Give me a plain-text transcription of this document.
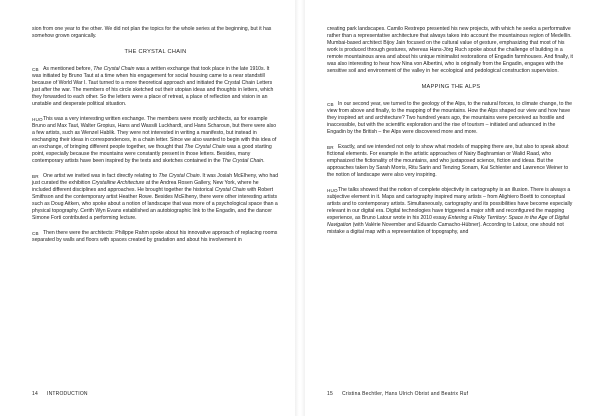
sion from one year to the other. We did not plan the topics for the whole series at the beginning, but it has somehow grown organically.

THE CRYSTAL CHAIN
CB As mentioned before, The Crystal Chain was a written exchange that took place in the late 1910s. It was initiated by Bruno Taut at a time when his engagement for social housing came to a near standstill because of World War I. Taut turned to a more theoretical approach and initiated the Crystal Chain Letters just after the war. The members of his circle sketched out their utopian ideas and thoughts in letters, which they forwarded to each other. So the letters were a place of retreat, a place of reflection and vision in an unstable and desperate political situation.
HUO This was a very interesting written exchange. The members were mostly architects, as for example Bruno and Max Taut, Walter Gropius, Hans and Wassili Luckhardt, and Hans Scharoun, but there were also a few artists, such as Wenzel Hablik. They were not interested in writing a manifesto, but instead in exchanging their ideas in correspondences, in a chain letter. Since we also wanted to begin with this idea of an exchange, of bringing different people together, we thought that The Crystal Chain was a good starting point, especially because the mountains were constantly present in those letters. Besides, many contemporary artists have been inspired by the texts and sketches contained in the The Crystal Chain.
BR One artist we invited was in fact directly relating to The Crystal Chain. It was Josiah McElheny, who had just curated the exhibition Crystalline Architecture at the Andrea Rosen Gallery, New York, where he included different disciplines and approaches. He brought together the historical Crystal Chain with Robert Smithson and the contemporary artist Heather Rowe. Besides McElheny, there were other interesting artists such as Doug Aitken, who spoke about a notion of landscape that was more of a psychological space than a physical topography. Cerith Wyn Evans established an autobiographic link to the Engadin, and the dancer Simone Forti contributed a performing lecture.
CB Then there were the architects: Philippe Rahm spoke about his innovative approach of replacing rooms separated by walls and floors with spaces created by gradation and about his involvement in
14 INTRODUCTION

creating park landscapes. Camilo Restrepo presented his new projects, with which he seeks a performative rather than a representative architecture that always takes into account the mountainous region of Medellín. Mumbai-based architect Bijoy Jain focused on the cultural value of gesture, emphasizing that most of his work is produced through gestures, whereas Hans-Jörg Ruch spoke about the challenge of building in a remote mountainous area and about his unique minimalist restorations of Engadin farmhouses. And finally, it was also interesting to hear how Nina von Albertini, who is originally from the Engadin, engages with the sensitive soil and environment of the valley in her ecological and pedological construction supervision.

MAPPING THE ALPS
CB In our second year, we turned to the geology of the Alps, to the natural forces, to climate change, to the view from above and finally, to the mapping of the mountains. How the Alps shaped our view and how have they inspired art and architecture? Two hundred years ago, the mountains were perceived as hostile and inaccessible, but with the scientific exploration and the rise of tourism – initiated and advanced in the Engadin by the British – the Alps were discovered more and more.
BR Exactly, and we intended not only to show what models of mapping there are, but also to speak about fictional elements. For example in the artistic approaches of Nairy Baghramian or Walid Raad, who emphasized the fictionality of the mountains, and who juxtaposed science, fiction and ideas. But the approaches taken by Sarah Morris, Ritu Sarin and Tenzing Sonam, Kai Schlenter and Lawrence Weiner to the notion of landscape were also very inspiring.
HUO The talks showed that the notion of complete objectivity in cartography is an illusion. There is always a subjective element in it. Maps and cartography inspired many artists – from Alighiero Boetti to conceptual artists and to contemporary artists. Simultaneously, cartography and its possibilities have become especially relevant in our digital era. Digital technologies have triggered a major shift and reconfigured the mapping experience, as Bruno Latour wrote in his 2010 essay Entering a Risky Territory: Space in the Age of Digital Navigation (with Valérie November and Eduardo Camacho-Hübner). According to Latour, one should not mistake a digital map with a representation of topography, and
15 Cristina Bechtler, Hans Ulrich Obrist and Beatrix Ruf
